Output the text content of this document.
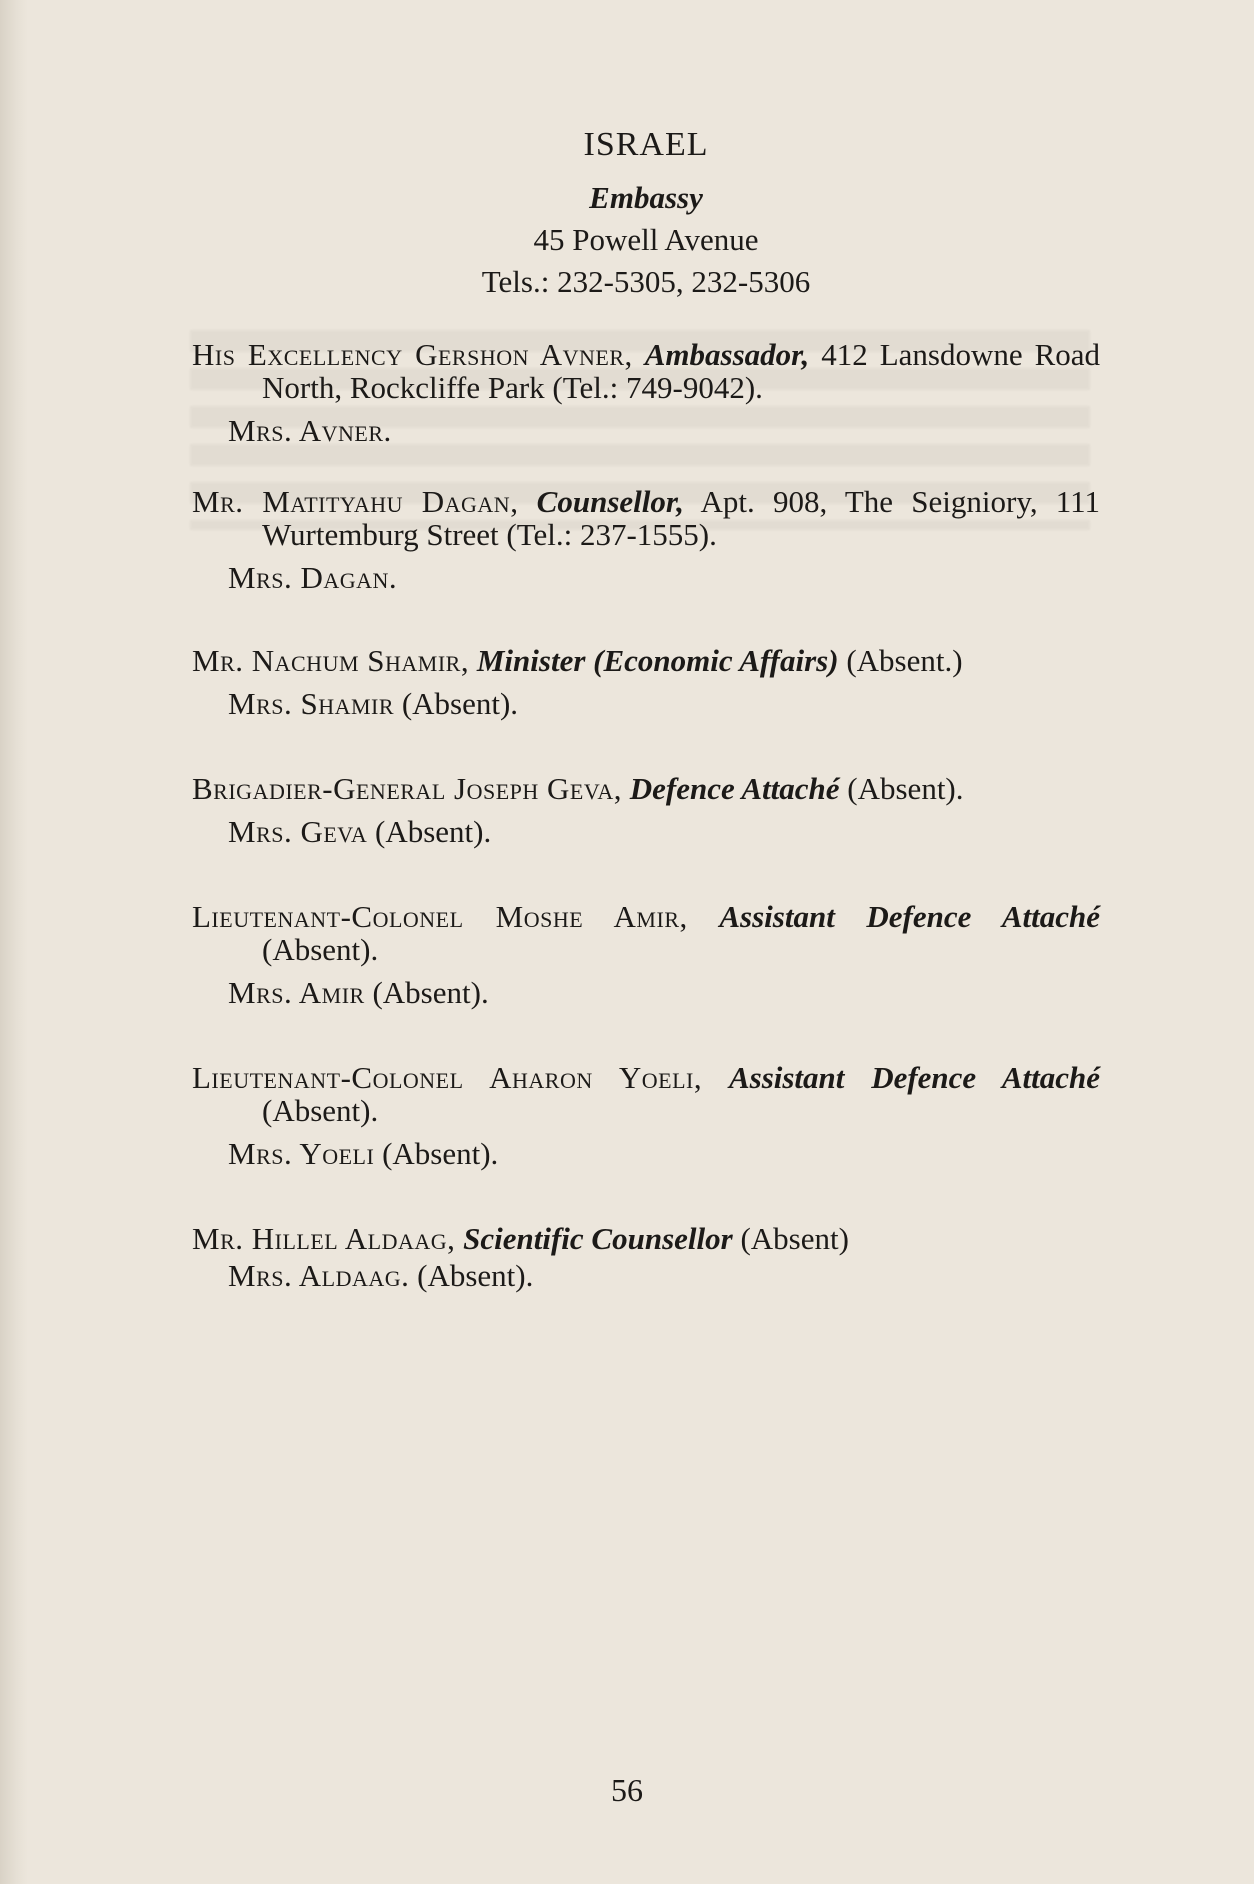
ISRAEL
Embassy
45 Powell Avenue
Tels.: 232-5305, 232-5306
His Excellency Gershon Avner, Ambassador, 412 Lansdowne Road North, Rockcliffe Park (Tel.: 749-9042).
Mrs. Avner.
Mr. Matityahu Dagan, Counsellor, Apt. 908, The Seigniory, 111 Wurtemburg Street (Tel.: 237-1555).
Mrs. Dagan.
Mr. Nachum Shamir, Minister (Economic Affairs) (Absent.)
Mrs. Shamir (Absent).
Brigadier-General Joseph Geva, Defence Attaché (Absent).
Mrs. Geva (Absent).
Lieutenant-Colonel Moshe Amir, Assistant Defence Attaché (Absent).
Mrs. Amir (Absent).
Lieutenant-Colonel Aharon Yoeli, Assistant Defence Attaché (Absent).
Mrs. Yoeli (Absent).
Mr. Hillel Aldaag, Scientific Counsellor (Absent)
Mrs. Aldaag. (Absent).
56
